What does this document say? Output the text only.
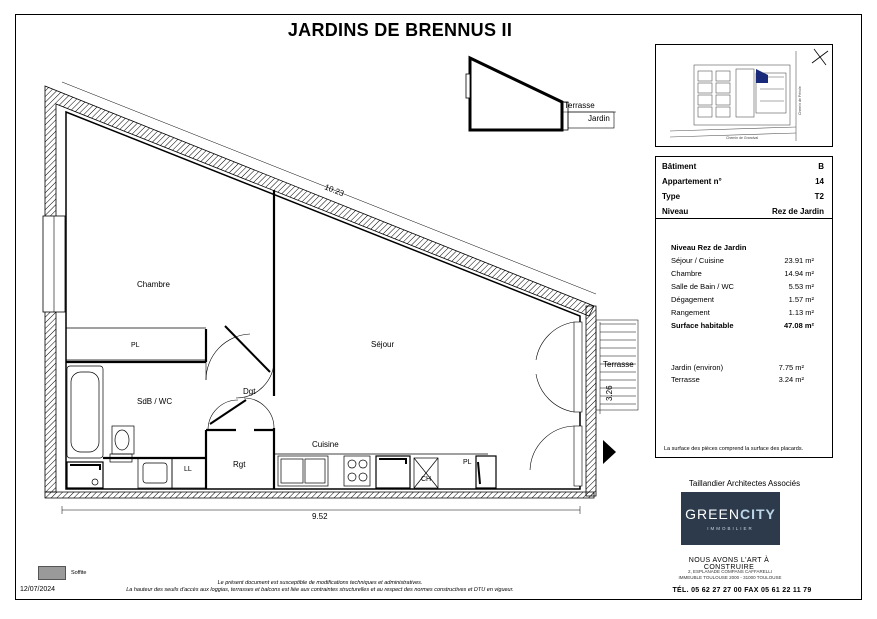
JARDINS DE BRENNUS II
Terrasse
Jardin
Chemin de Grandval
Chemin de Périole
Chambre
Séjour
PL
SdB / WC
Dgt
Rgt
LL
Cuisine
CH
PL
Terrasse
10.23
9.52
3.26
Bâtiment	B
Appartement n°	14
Type	T2
Niveau	Rez de Jardin
Niveau Rez de Jardin
Séjour / Cuisine	23.91 m²
Chambre	14.94 m²
Salle de Bain / WC	5.53 m²
Dégagement	1.57 m²
Rangement	1.13 m²
Surface habitable	47.08 m²
Jardin (environ)	7.75 m²
Terrasse	3.24 m²
La surface des pièces comprend la surface des placards.
Taillandier Architectes Associés
GREENCITY
IMMOBILIER
NOUS AVONS L'ART À CONSTRUIRE
2, ESPLANADE COMPANS CAFFARELLI
IMMEUBLE TOULOUSE 2000 - 31000 TOULOUSE
TÉL. 05 62 27 27 00 FAX 05 61 22 11 79
Soffite
12/07/2024
Le présent document est susceptible de modifications techniques et administratives.
La hauteur des seuils d'accès aux loggias, terrasses et balcons est liée aux contraintes structurelles et au respect des normes constructives et DTU en vigueur.
